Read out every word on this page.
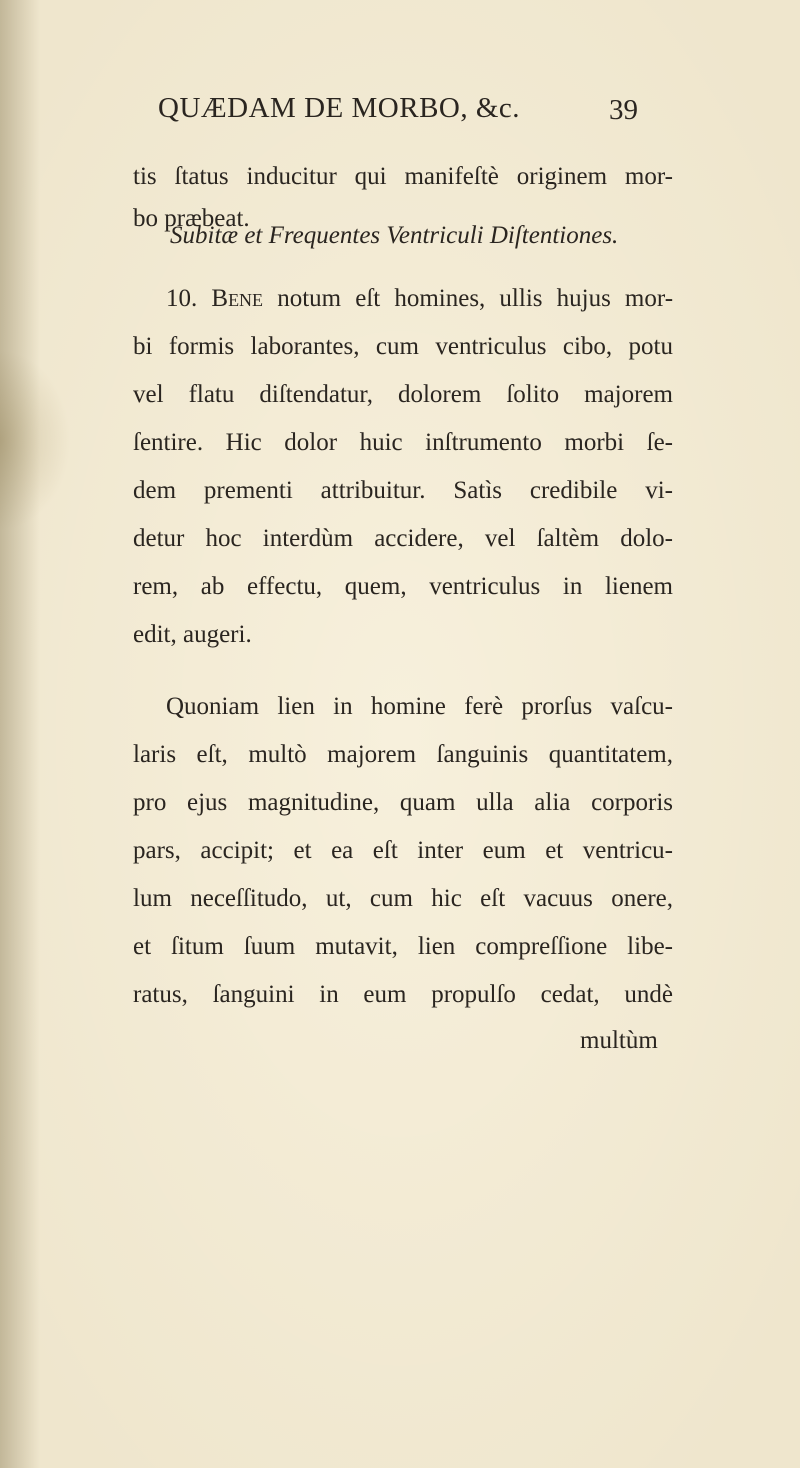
QUÆDAM DE MORBO, &c.	39
tis ſtatus inducitur qui manifeſtè originem mor-
bo præbeat.
Subitæ et Frequentes Ventriculi Diſtentiones.
10. Bene notum eſt homines, ullis hujus mor-
bi formis laborantes, cum ventriculus cibo, potu
vel flatu diſtendatur, dolorem ſolito majorem
ſentire. Hic dolor huic inſtrumento morbi ſe-
dem prementi attribuitur. Satìs credibile vi-
detur hoc interdùm accidere, vel ſaltèm dolo-
rem, ab effectu, quem, ventriculus in lienem
edit, augeri.
Quoniam lien in homine ferè prorſus vaſcu-
laris eſt, multò majorem ſanguinis quantitatem,
pro ejus magnitudine, quam ulla alia corporis
pars, accipit; et ea eſt inter eum et ventricu-
lum neceſſitudo, ut, cum hic eſt vacuus onere,
et ſitum ſuum mutavit, lien compreſſione libe-
ratus, ſanguini in eum propulſo cedat, undè
multùm
